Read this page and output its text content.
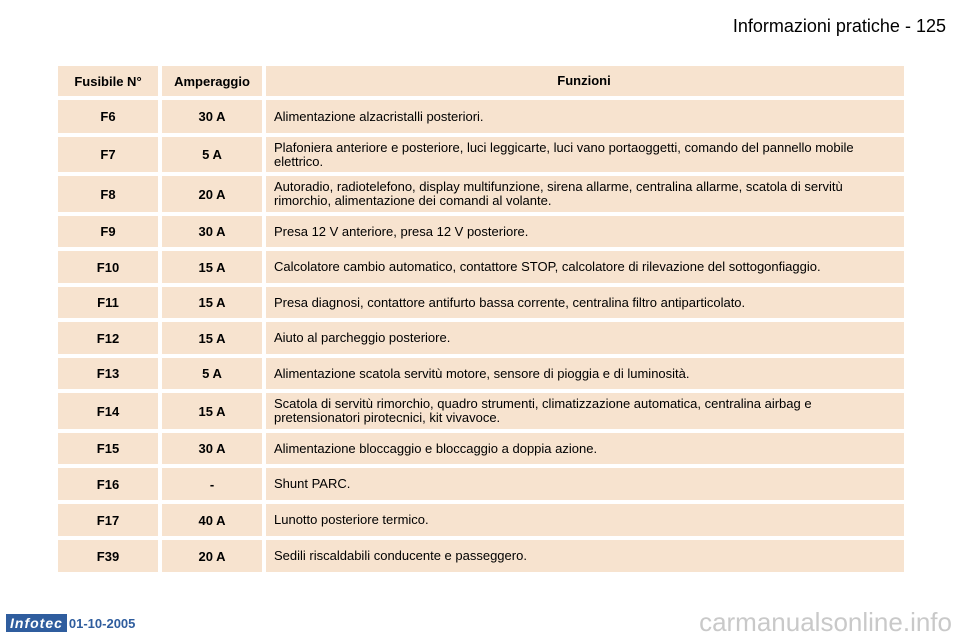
Informazioni pratiche - 125
Fusibile N°	Amperaggio	Funzioni
F6	30 A	Alimentazione alzacristalli posteriori.
F7	5 A	Plafoniera anteriore e posteriore, luci leggicarte, luci vano portaoggetti, comando del pannello mobile elettrico.
F8	20 A	Autoradio, radiotelefono, display multifunzione, sirena allarme, centralina allarme, scatola di servitù rimorchio, alimentazione dei comandi al volante.
F9	30 A	Presa 12 V anteriore, presa 12 V posteriore.
F10	15 A	Calcolatore cambio automatico, contattore STOP, calcolatore di rilevazione del sottogonfiaggio.
F11	15 A	Presa diagnosi, contattore antifurto bassa corrente, centralina filtro antiparticolato.
F12	15 A	Aiuto al parcheggio posteriore.
F13	5 A	Alimentazione scatola servitù motore, sensore di pioggia e di luminosità.
F14	15 A	Scatola di servitù rimorchio, quadro strumenti, climatizzazione automatica, centralina airbag e pretensionatori pirotecnici, kit vivavoce.
F15	30 A	Alimentazione bloccaggio e bloccaggio a doppia azione.
F16	-	Shunt PARC.
F17	40 A	Lunotto posteriore termico.
F39	20 A	Sedili riscaldabili conducente e passeggero.
Infotec 01-10-2005	carmanualsonline.info
